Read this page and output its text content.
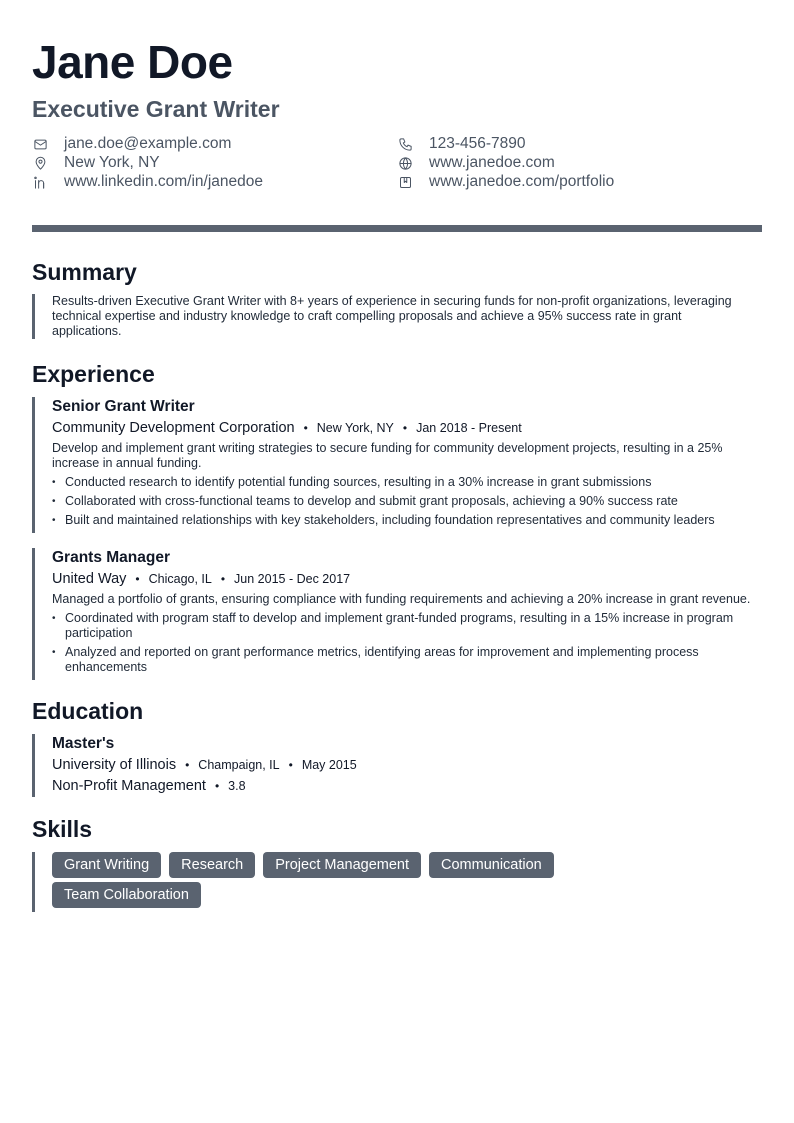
Jane Doe
Executive Grant Writer
jane.doe@example.com	123-456-7890
New York, NY	www.janedoe.com
www.linkedin.com/in/janedoe	www.janedoe.com/portfolio
Summary

Results-driven Executive Grant Writer with 8+ years of experience in securing funds for non-profit organizations, leveraging technical expertise and industry knowledge to craft compelling proposals and achieve a 95% success rate in grant applications.

Experience
Senior Grant Writer
Community Development Corporation • New York, NY • Jan 2018 - Present

Develop and implement grant writing strategies to secure funding for community development projects, resulting in a 25% increase in annual funding.

• Conducted research to identify potential funding sources, resulting in a 30% increase in grant submissions
• Collaborated with cross-functional teams to develop and submit grant proposals, achieving a 90% success rate
• Built and maintained relationships with key stakeholders, including foundation representatives and community leaders
Grants Manager
United Way • Chicago, IL • Jun 2015 - Dec 2017

Managed a portfolio of grants, ensuring compliance with funding requirements and achieving a 20% increase in grant revenue.

• Coordinated with program staff to develop and implement grant-funded programs, resulting in a 15% increase in program participation
• Analyzed and reported on grant performance metrics, identifying areas for improvement and implementing process enhancements
Education
Master's
University of Illinois • Champaign, IL • May 2015
Non-Profit Management • 3.8
Skills
Grant Writing	Research	Project Management	Communication
Team Collaboration
